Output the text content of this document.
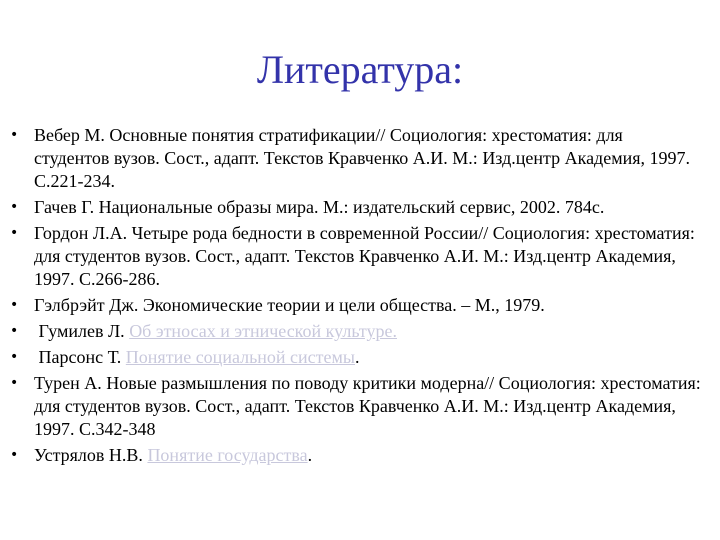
Литература:
• Вебер М. Основные понятия стратификации// Социология: хрестоматия: для студентов вузов. Сост., адапт. Текстов Кравченко А.И. М.: Изд.центр Академия, 1997. С.221-234.
• Гачев Г. Национальные образы мира. М.: издательский сервис, 2002. 784с.
• Гордон Л.А. Четыре рода бедности в современной России// Социология: хрестоматия: для студентов вузов. Сост., адапт. Текстов Кравченко А.И. М.: Изд.центр Академия, 1997. С.266-286.
• Гэлбрэйт Дж. Экономические теории и цели общества. – М., 1979.
• Гумилев Л. Об этносах и этнической культуре.
• Парсонс Т. Понятие социальной системы.
• Турен А. Новые размышления по поводу критики модерна// Социология: хрестоматия: для студентов вузов. Сост., адапт. Текстов Кравченко А.И. М.: Изд.центр Академия, 1997. С.342-348
• Устрялов Н.В. Понятие государства.
